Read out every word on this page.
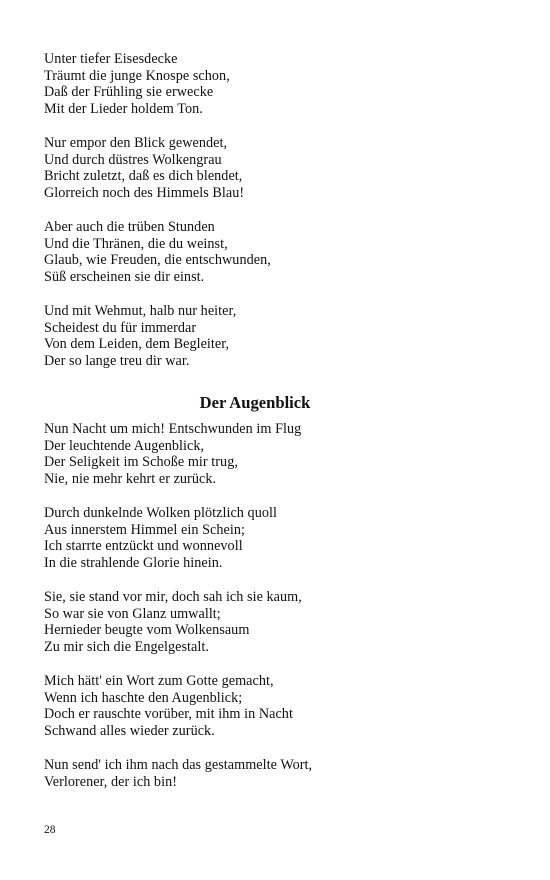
Unter tiefer Eisesdecke
Träumt die junge Knospe schon,
Daß der Frühling sie erwecke
Mit der Lieder holdem Ton.
Nur empor den Blick gewendet,
Und durch düstres Wolkengrau
Bricht zuletzt, daß es dich blendet,
Glorreich noch des Himmels Blau!
Aber auch die trüben Stunden
Und die Thränen, die du weinst,
Glaub, wie Freuden, die entschwunden,
Süß erscheinen sie dir einst.
Und mit Wehmut, halb nur heiter,
Scheidest du für immerdar
Von dem Leiden, dem Begleiter,
Der so lange treu dir war.
Der Augenblick
Nun Nacht um mich! Entschwunden im Flug
Der leuchtende Augenblick,
Der Seligkeit im Schoße mir trug,
Nie, nie mehr kehrt er zurück.
Durch dunkelnde Wolken plötzlich quoll
Aus innerstem Himmel ein Schein;
Ich starrte entzückt und wonnevoll
In die strahlende Glorie hinein.
Sie, sie stand vor mir, doch sah ich sie kaum,
So war sie von Glanz umwallt;
Hernieder beugte vom Wolkensaum
Zu mir sich die Engelgestalt.
Mich hätt' ein Wort zum Gotte gemacht,
Wenn ich haschte den Augenblick;
Doch er rauschte vorüber, mit ihm in Nacht
Schwand alles wieder zurück.
Nun send' ich ihm nach das gestammelte Wort,
Verlorener, der ich bin!
28
